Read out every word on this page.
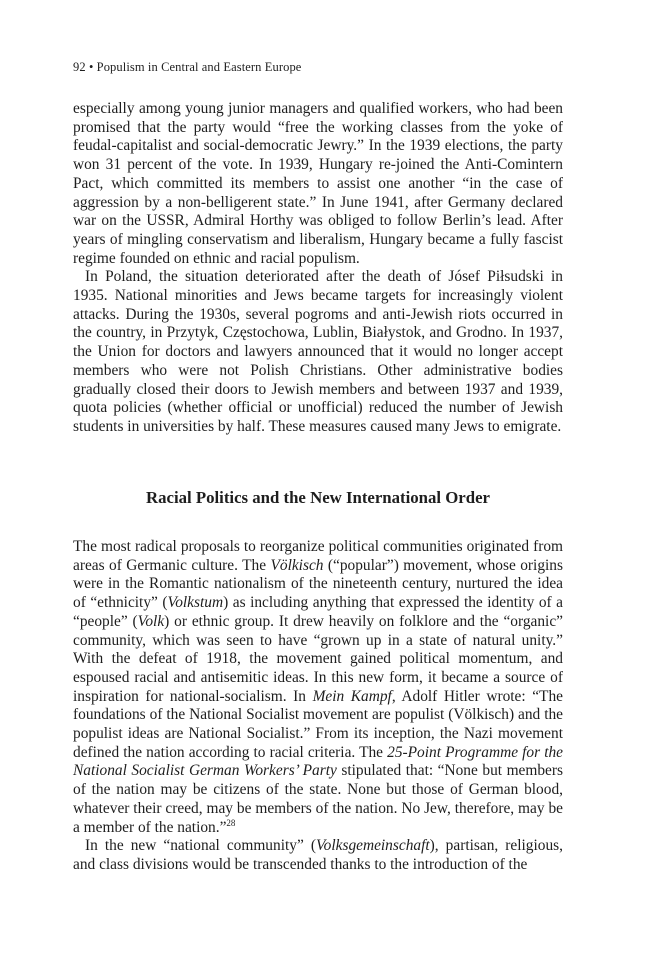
92 • Populism in Central and Eastern Europe

especially among young junior managers and qualified workers, who had been promised that the party would “free the working classes from the yoke of feudal-capitalist and social-democratic Jewry.” In the 1939 elections, the party won 31 percent of the vote. In 1939, Hungary re-joined the Anti-Comintern Pact, which committed its members to assist one another “in the case of aggression by a non-belligerent state.” In June 1941, after Germany declared war on the USSR, Admiral Horthy was obliged to follow Berlin’s lead. After years of mingling conservatism and liberalism, Hungary became a fully fascist regime founded on ethnic and racial populism.

In Poland, the situation deteriorated after the death of Jósef Piłsudski in 1935. National minorities and Jews became targets for increasingly violent attacks. During the 1930s, several pogroms and anti-Jewish riots occurred in the country, in Przytyk, Częstochowa, Lublin, Białystok, and Grodno. In 1937, the Union for doctors and lawyers announced that it would no longer accept members who were not Polish Christians. Other administrative bodies gradually closed their doors to Jewish members and between 1937 and 1939, quota policies (whether official or unofficial) reduced the number of Jewish students in universities by half. These measures caused many Jews to emigrate.

Racial Politics and the New International Order

The most radical proposals to reorganize political communities originated from areas of Germanic culture. The Völkisch (“popular”) movement, whose origins were in the Romantic nationalism of the nineteenth century, nurtured the idea of “ethnicity” (Volkstum) as including anything that expressed the identity of a “people” (Volk) or ethnic group. It drew heavily on folklore and the “organic” community, which was seen to have “grown up in a state of natural unity.” With the defeat of 1918, the movement gained political momentum, and espoused racial and antisemitic ideas. In this new form, it became a source of inspiration for national-socialism. In Mein Kampf, Adolf Hitler wrote: “The foundations of the National Socialist movement are populist (Völkisch) and the populist ideas are National Socialist.” From its inception, the Nazi movement defined the nation according to racial criteria. The 25-Point Programme for the National Socialist German Workers’ Party stipulated that: “None but members of the nation may be citizens of the state. None but those of German blood, whatever their creed, may be members of the nation. No Jew, therefore, may be a member of the nation.”$^{28}$

In the new “national community” (Volksgemeinschaft), partisan, religious, and class divisions would be transcended thanks to the introduction of the
